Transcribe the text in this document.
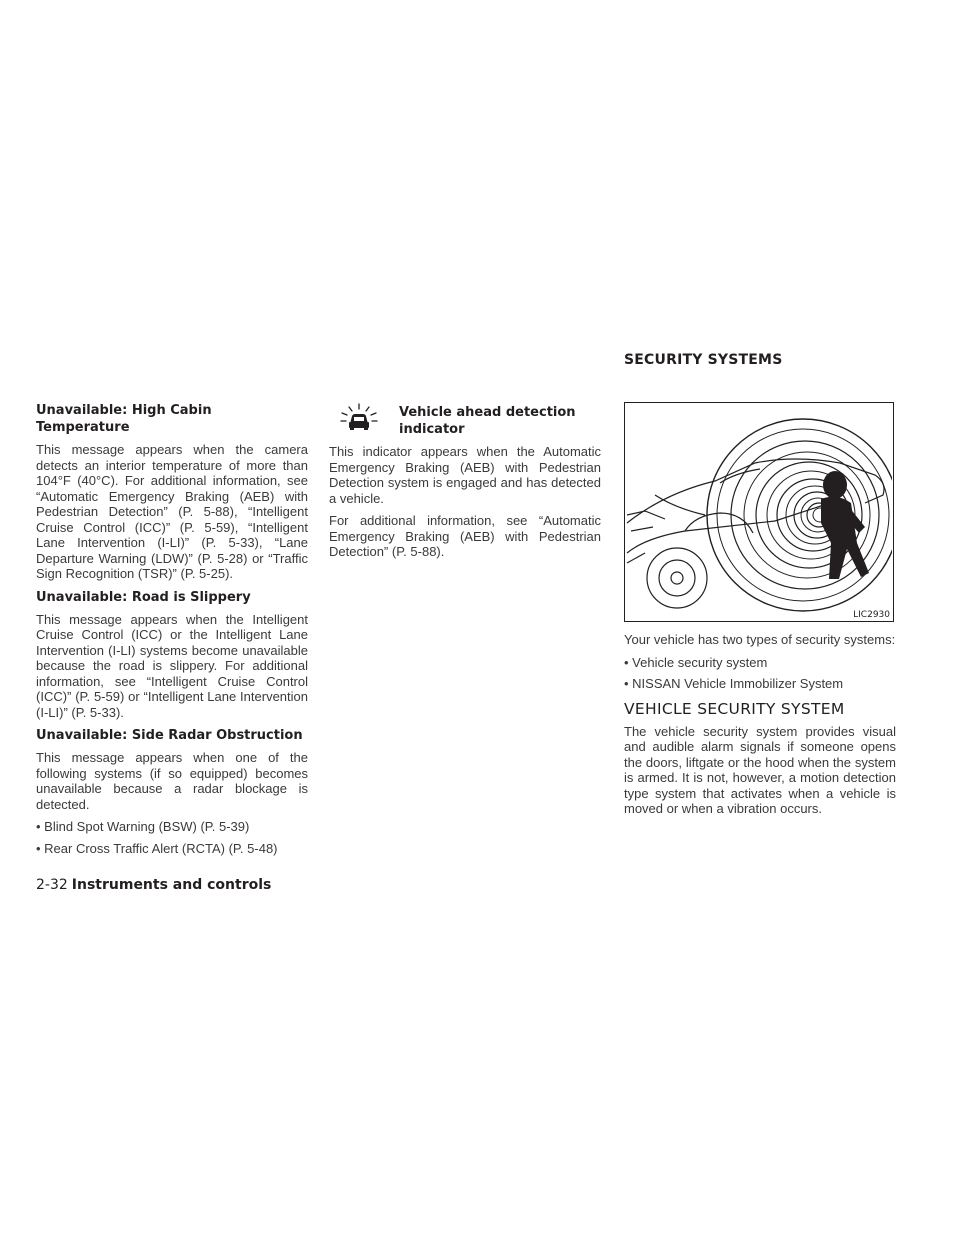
SECURITY SYSTEMS
Unavailable: High Cabin Temperature

This message appears when the camera detects an interior temperature of more than 104°F (40°C). For additional information, see “Automatic Emergency Braking (AEB) with Pedestrian Detection” (P. 5-88), “Intelligent Cruise Control (ICC)” (P. 5-59), “Intelligent Lane Intervention (I-LI)” (P. 5-33), “Lane Departure Warning (LDW)” (P. 5-28) or “Traffic Sign Recognition (TSR)” (P. 5-25).

Unavailable: Road is Slippery

This message appears when the Intelligent Cruise Control (ICC) or the Intelligent Lane Intervention (I-LI) systems become unavailable because the road is slippery. For additional information, see “Intelligent Cruise Control (ICC)” (P. 5-59) or “Intelligent Lane Intervention (I-LI)” (P. 5-33).

Unavailable: Side Radar Obstruction

This message appears when one of the following systems (if so equipped) becomes unavailable because a radar blockage is detected.

• Blind Spot Warning (BSW) (P. 5-39)

• Rear Cross Traffic Alert (RCTA) (P. 5-48)

Vehicle ahead detection indicator

This indicator appears when the Automatic Emergency Braking (AEB) with Pedestrian Detection system is engaged and has detected a vehicle.

For additional information, see “Automatic Emergency Braking (AEB) with Pedestrian Detection” (P. 5-88).

LIC2930

Your vehicle has two types of security systems:

• Vehicle security system

• NISSAN Vehicle Immobilizer System

VEHICLE SECURITY SYSTEM

The vehicle security system provides visual and audible alarm signals if someone opens the doors, liftgate or the hood when the system is armed. It is not, however, a motion detection type system that activates when a vehicle is moved or when a vibration occurs.

2-32 Instruments and controls
